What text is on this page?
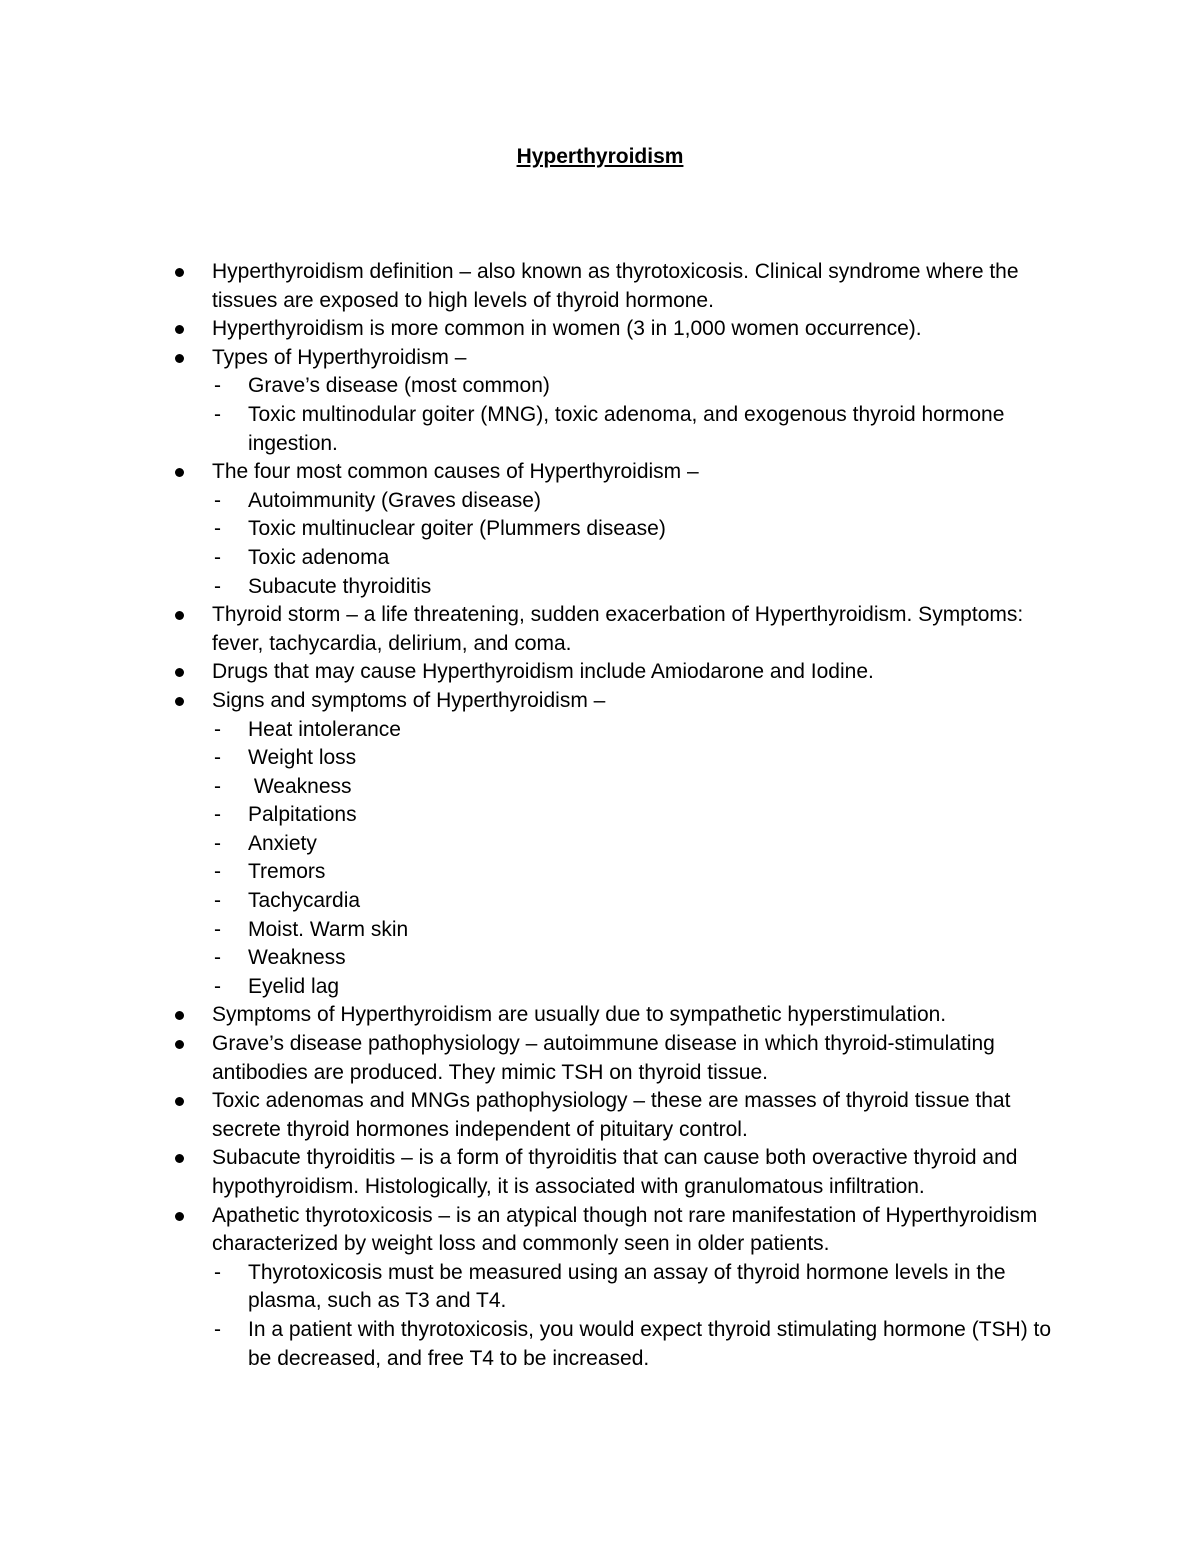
Hyperthyroidism
Hyperthyroidism definition – also known as thyrotoxicosis. Clinical syndrome where the tissues are exposed to high levels of thyroid hormone.
Hyperthyroidism is more common in women (3 in 1,000 women occurrence).
Types of Hyperthyroidism –
- Grave’s disease (most common)
- Toxic multinodular goiter (MNG), toxic adenoma, and exogenous thyroid hormone ingestion.
The four most common causes of Hyperthyroidism –
- Autoimmunity (Graves disease)
- Toxic multinuclear goiter (Plummers disease)
- Toxic adenoma
- Subacute thyroiditis
Thyroid storm – a life threatening, sudden exacerbation of Hyperthyroidism. Symptoms: fever, tachycardia, delirium, and coma.
Drugs that may cause Hyperthyroidism include Amiodarone and Iodine.
Signs and symptoms of Hyperthyroidism –
- Heat intolerance
- Weight loss
- Weakness
- Palpitations
- Anxiety
- Tremors
- Tachycardia
- Moist. Warm skin
- Weakness
- Eyelid lag
Symptoms of Hyperthyroidism are usually due to sympathetic hyperstimulation.
Grave’s disease pathophysiology – autoimmune disease in which thyroid-stimulating antibodies are produced. They mimic TSH on thyroid tissue.
Toxic adenomas and MNGs pathophysiology – these are masses of thyroid tissue that secrete thyroid hormones independent of pituitary control.
Subacute thyroiditis – is a form of thyroiditis that can cause both overactive thyroid and hypothyroidism. Histologically, it is associated with granulomatous infiltration.
Apathetic thyrotoxicosis – is an atypical though not rare manifestation of Hyperthyroidism characterized by weight loss and commonly seen in older patients.
- Thyrotoxicosis must be measured using an assay of thyroid hormone levels in the plasma, such as T3 and T4.
- In a patient with thyrotoxicosis, you would expect thyroid stimulating hormone (TSH) to be decreased, and free T4 to be increased.
